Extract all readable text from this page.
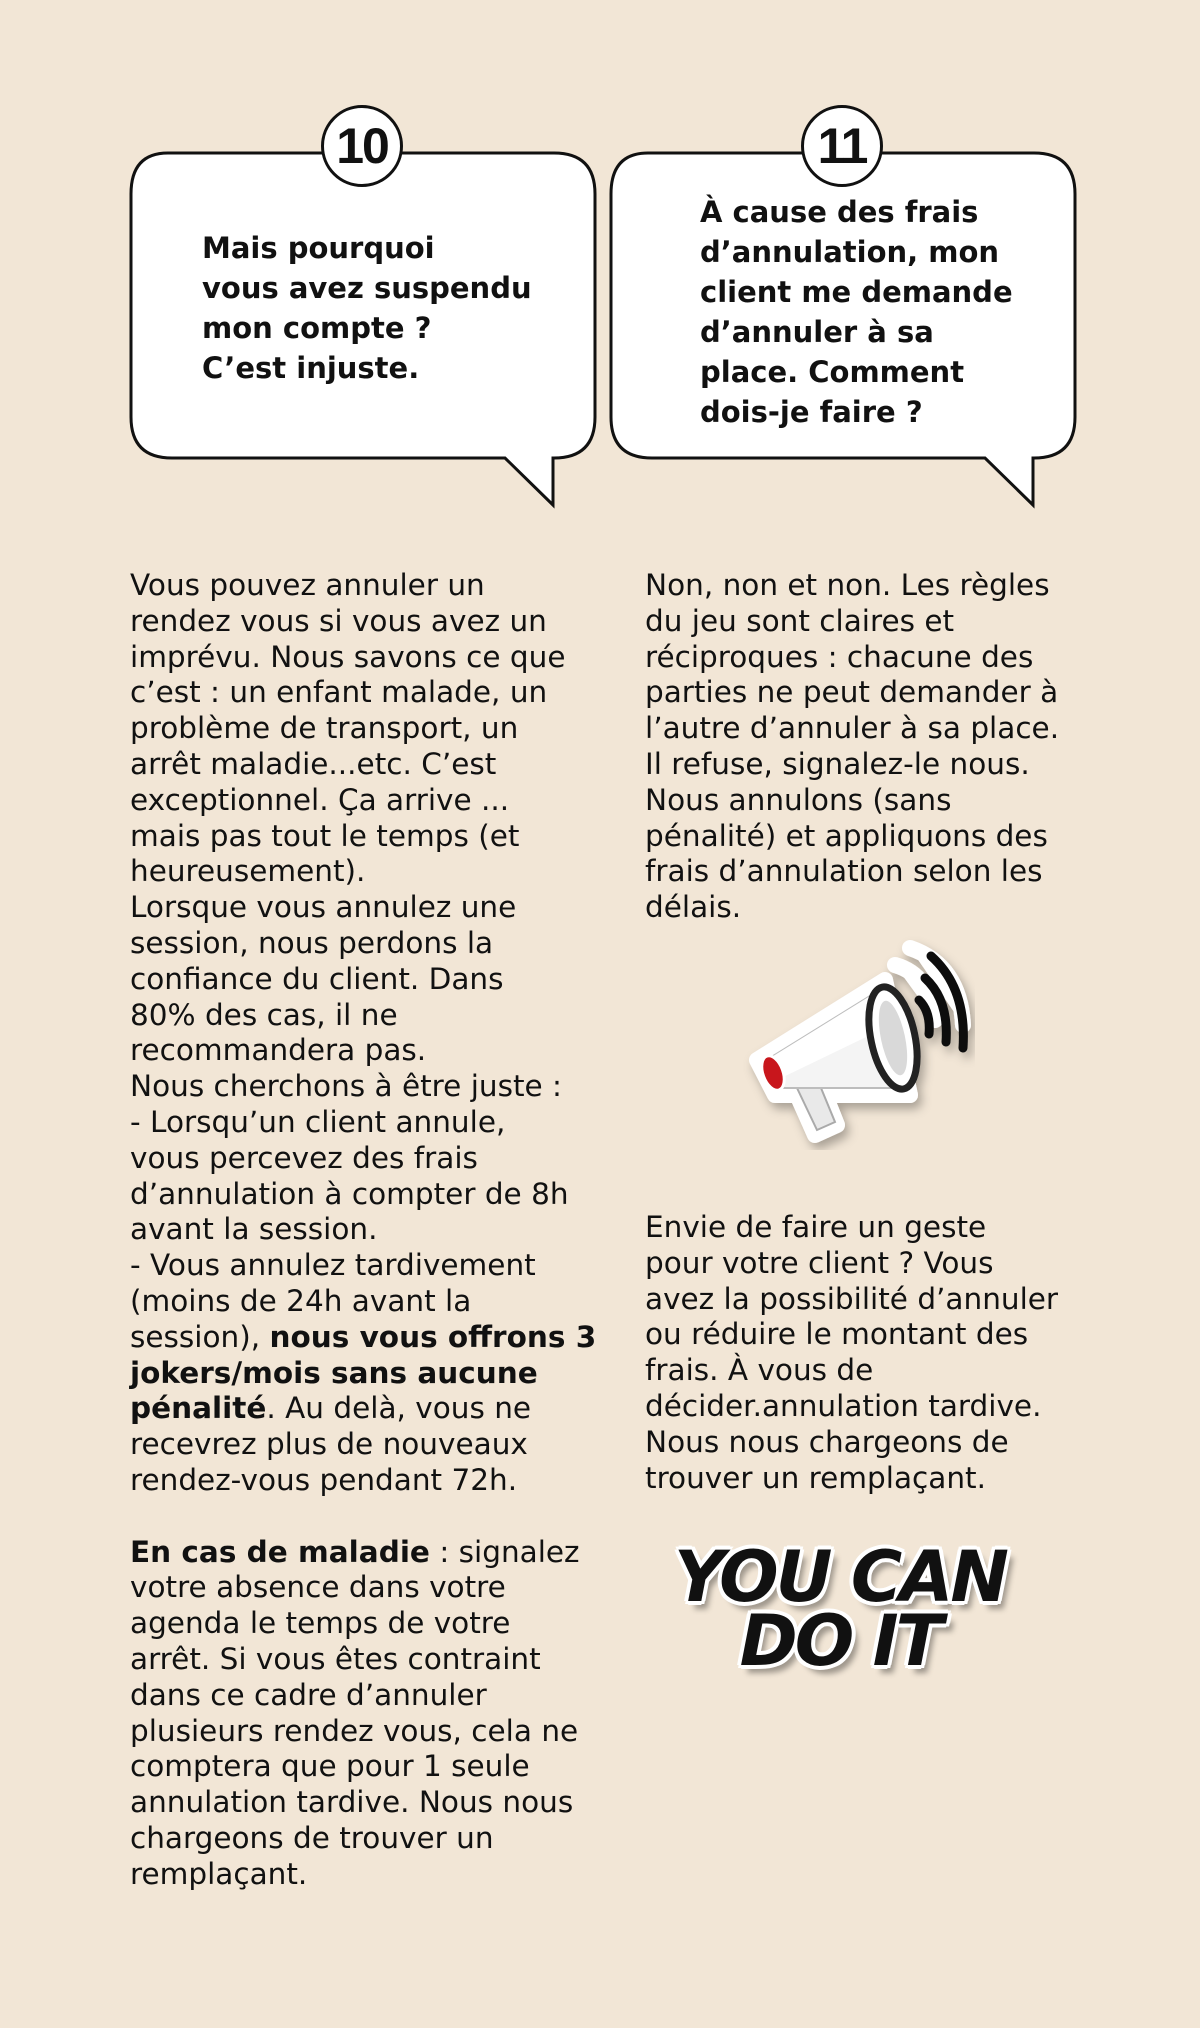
10
Mais pourquoi
vous avez suspendu
mon compte ?
C’est injuste.
11
À cause des frais
d’annulation, mon
client me demande
d’annuler à sa
place. Comment
dois-je faire ?

Vous pouvez annuler un

rendez vous si vous avez un

imprévu. Nous savons ce que

c’est : un enfant malade, un

problème de transport, un

arrêt maladie...etc. C’est

exceptionnel. Ça arrive ...

mais pas tout le temps (et

heureusement).

Lorsque vous annulez une

session, nous perdons la

confiance du client. Dans

80% des cas, il ne

recommandera pas.

Nous cherchons à être juste :

- Lorsqu’un client annule,

vous percevez des frais

d’annulation à compter de 8h

avant la session.

- Vous annulez tardivement

(moins de 24h avant la

session), nous vous offrons 3

jokers/mois sans aucune

pénalité. Au delà, vous ne

recevrez plus de nouveaux

rendez-vous pendant 72h.

En cas de maladie : signalez

votre absence dans votre

agenda le temps de votre

arrêt. Si vous êtes contraint

dans ce cadre d’annuler

plusieurs rendez vous, cela ne

comptera que pour 1 seule

annulation tardive. Nous nous

chargeons de trouver un

remplaçant.

Non, non et non. Les règles

du jeu sont claires et

réciproques : chacune des

parties ne peut demander à

l’autre d’annuler à sa place.

Il refuse, signalez-le nous.

Nous annulons (sans

pénalité) et appliquons des

frais d’annulation selon les

délais.

Envie de faire un geste

pour votre client ? Vous

avez la possibilité d’annuler

ou réduire le montant des

frais. À vous de

décider.annulation tardive.

Nous nous chargeons de

trouver un remplaçant.

YOU CAN
DO IT
